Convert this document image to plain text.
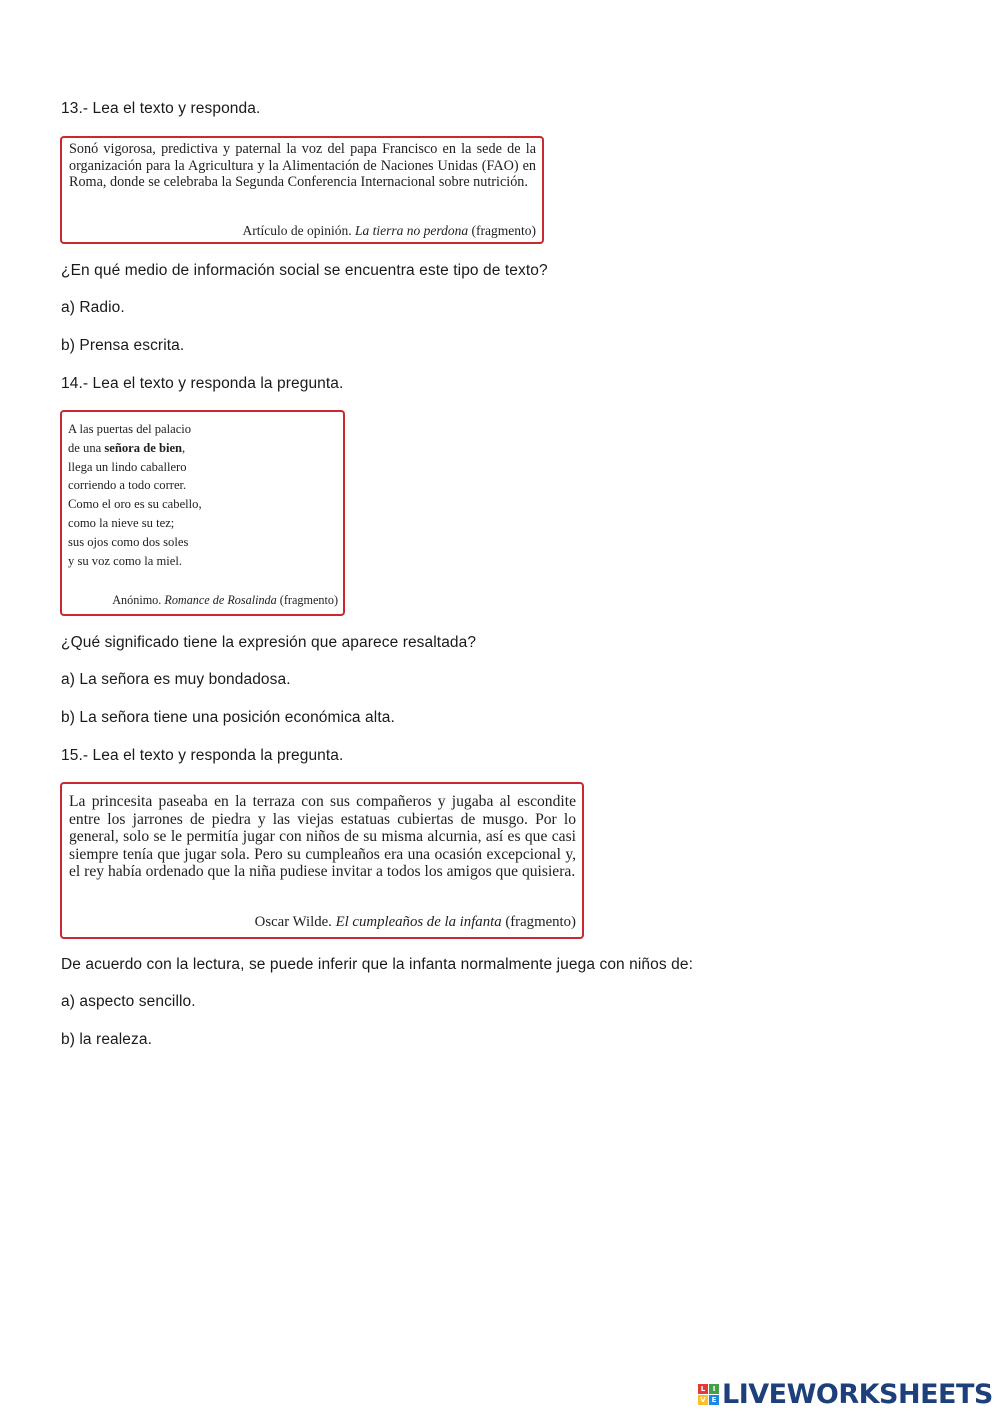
13.- Lea el texto y responda.

Sonó vigorosa, predictiva y paternal la voz del papa Francisco en la sede de la organización para la Agricultura y la Alimentación de Naciones Unidas (FAO) en Roma, donde se celebraba la Segunda Conferencia Internacional sobre nutrición.

Artículo de opinión. La tierra no perdona (fragmento)
¿En qué medio de información social se encuentra este tipo de texto?
a) Radio.
b) Prensa escrita.
14.- Lea el texto y responda la pregunta.

A las puertas del palacio

de una señora de bien,

llega un lindo caballero

corriendo a todo correr.

Como el oro es su cabello,

como la nieve su tez;

sus ojos como dos soles

y su voz como la miel.

Anónimo. Romance de Rosalinda (fragmento)
¿Qué significado tiene la expresión que aparece resaltada?
a) La señora es muy bondadosa.
b) La señora tiene una posición económica alta.
15.- Lea el texto y responda la pregunta.

La princesita paseaba en la terraza con sus compañeros y jugaba al escondite entre los jarrones de piedra y las viejas estatuas cubiertas de musgo. Por lo general, solo se le permitía jugar con niños de su misma alcurnia, así es que casi siempre tenía que jugar sola. Pero su cumpleaños era una ocasión excepcional y, el rey había ordenado que la niña pudiese invitar a todos los amigos que quisiera.

Oscar Wilde. El cumpleaños de la infanta (fragmento)
De acuerdo con la lectura, se puede inferir que la infanta normalmente juega con niños de:
a) aspecto sencillo.
b) la realeza.
L	I
V E LIVEWORKSHEETS
